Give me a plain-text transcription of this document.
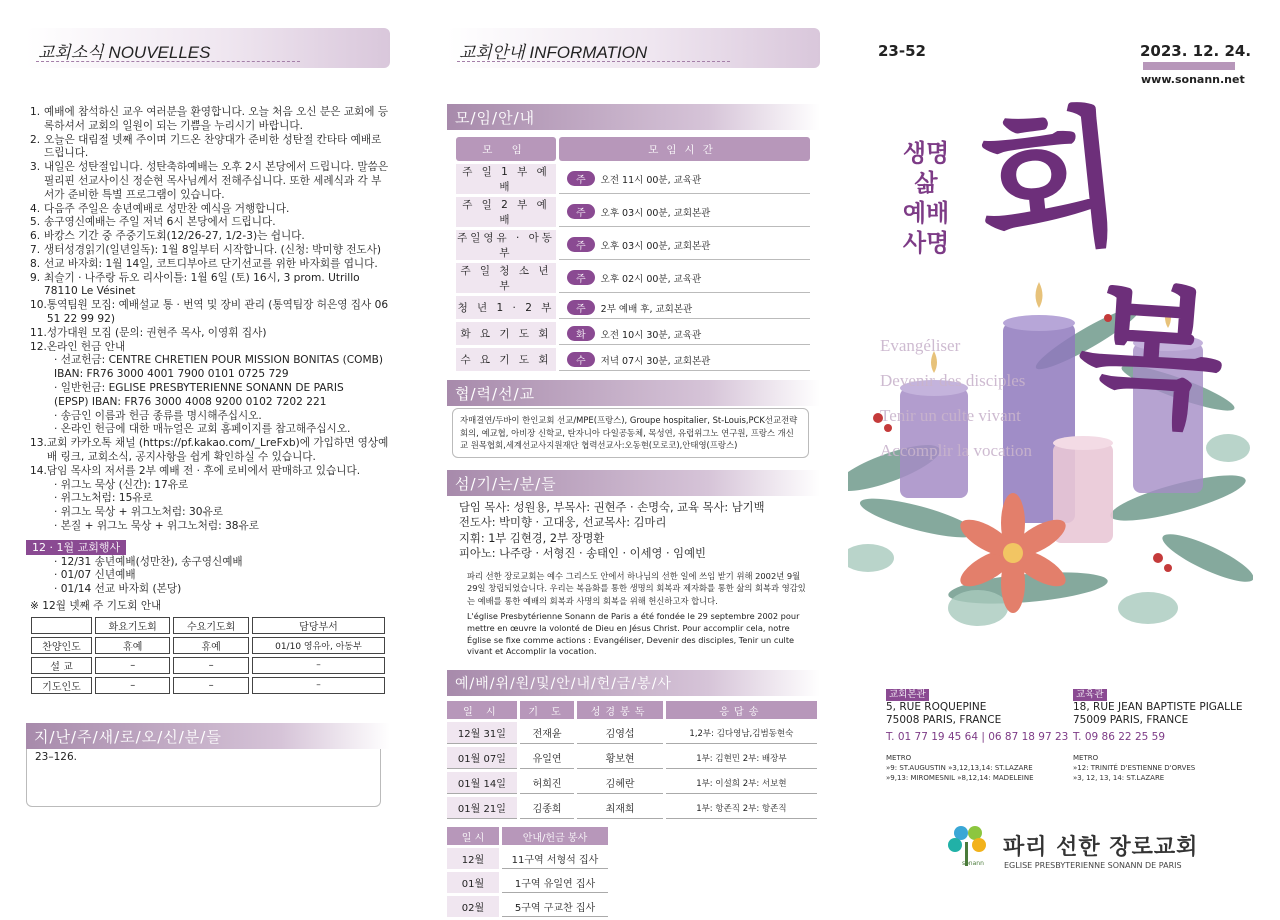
교회소식 NOUVELLES
1. 예배에 참석하신 교우 여러분을 환영합니다. 오늘 처음 오신 분은 교회에 등록하셔서 교회의 일원이 되는 기쁨을 누리시기 바랍니다.
2. 오늘은 대림절 넷째 주이며 기드온 찬양대가 준비한 성탄절 칸타타 예배로 드립니다.
3. 내일은 성탄절입니다. 성탄축하예배는 오후 2시 본당에서 드립니다. 말씀은 필리핀 선교사이신 정순현 목사님께서 전해주십니다. 또한 세례식과 각 부서가 준비한 특별 프로그램이 있습니다.
4. 다음주 주일은 송년예배로 성만찬 예식을 거행합니다.
5. 송구영신예배는 주일 저녁 6시 본당에서 드립니다.
6. 바캉스 기간 중 주중기도회(12/26-27, 1/2-3)는 쉽니다.
7. 생터성경읽기(일년일독): 1월 8일부터 시작합니다. (신청: 박미향 전도사)
8. 선교 바자회: 1월 14일, 코트디부아르 단기선교를 위한 바자회를 엽니다.
9. 최슬기 · 나주랑 듀오 리사이틀: 1월 6일 (토) 16시, 3 prom. Utrillo 78110 Le Vésinet
10. 통역팀원 모집: 예배설교 통 · 번역 및 장비 관리 (통역팀장 허은영 집사 06 51 22 99 92)
11. 성가대원 모집 (문의: 권현주 목사, 이영휘 집사)
12. 온라인 헌금 안내
· 선교헌금: CENTRE CHRETIEN POUR MISSION BONITAS (COMB)
IBAN: FR76 3000 4001 7900 0101 0725 729
· 일반헌금: EGLISE PRESBYTERIENNE SONANN DE PARIS
(EPSP) IBAN: FR76 3000 4008 9200 0102 7202 221
· 송금인 이름과 헌금 종류를 명시해주십시오.
· 온라인 헌금에 대한 매뉴얼은 교회 홈페이지를 참고해주십시오.
13. 교회 카카오톡 채널 (https://pf.kakao.com/_LreFxb)에 가입하면 영상예배 링크, 교회소식, 공지사항을 쉽게 확인하실 수 있습니다.
14. 담임 목사의 저서를 2부 예배 전 · 후에 로비에서 판매하고 있습니다.
· 위그노 묵상 (신간): 17유로
· 위그노처럼: 15유로
· 위그노 묵상 + 위그노처럼: 30유로
· 본질 + 위그노 묵상 + 위그노처럼: 38유로
12 · 1월 교회행사
· 12/31 송년예배(성만찬), 송구영신예배
· 01/07 신년예배
· 01/14 선교 바자회 (본당)
※ 12월 넷째 주 기도회 안내
	화요기도회	수요기도회	담당부서
찬양인도	휴예	휴예	01/10 영유아, 아동부
설 교	–	–	–
기도인도	–	–	–
지/난/주/새/로/오/신/분/들
23–126.
교회안내 INFORMATION
모/임/안/내
모 임	모임시간
주 일 1 부 예 배	주 오전 11시 00분, 교육관
주 일 2 부 예 배	주 오후 03시 00분, 교회본관
주일영유 · 아동부	주 오후 03시 00분, 교회본관
주 일 청 소 년 부	주 오후 02시 00분, 교육관
청 년 1 · 2 부	주 2부 예배 후, 교회본관
화 요 기 도 회	화 오전 10시 30분, 교육관
수 요 기 도 회	수 저녁 07시 30분, 교회본관
협/력/선/교
자매결연/두바이 한인교회 선교/MPE(프랑스), Groupe hospitalier, St-Louis,PCK선교전략회의, 예교협, 아비장 신학교, 탄자니아 다일공동체, 목성연, 유럽위그노 연구원, 프랑스 개신교 원목협회,세계선교사지원재단 협력선교사:오동현(모로코),안태영(프랑스)
섬/기/는/분/들
담임 목사: 성원용, 부목사: 권현주 · 손명숙, 교육 목사: 남기백
전도사: 박미향 · 고대웅, 선교목사: 김마리
지휘: 1부 김현경, 2부 장명환
피아노: 나주랑 · 서형진 · 송태인 · 이세영 · 임예빈
파리 선한 장로교회는 예수 그리스도 안에서 하나님의 선한 일에 쓰임 받기 위해 2002년 9월 29일 창립되었습니다. 우리는 복음화를 통한 생명의 회복과 제자화를 통한 삶의 회복과 영감있는 예배를 통한 예배의 회복과 사명의 회복을 위해 헌신하고자 합니다.
L'église Presbytérienne Sonann de Paris a été fondée le 29 septembre 2002 pour mettre en œuvre la volonté de Dieu en Jésus Christ. Pour accomplir cela, notre Église se fixe comme actions : Evangéliser, Devenir des disciples, Tenir un culte vivant et Accomplir la vocation.
예/배/위/원/및/안/내/헌/금/봉/사
일 시	기 도	성경봉독	응답송
12월 31일	전재윤	김영섭	1,2부: 김다영남,김범동현숙
01월 07일	유일연	황보현	1부: 김현민 2부: 배장부
01월 14일	허희진	김혜란	1부: 이설희 2부: 서보현
01월 21일	김종희	최재희	1부: 항존직 2부: 항존직
일 시	안내/헌금 봉사
12월	11구역 서형석 집사
01월	1구역 유일연 집사
02월	5구역 구교찬 집사
23-52	2023. 12. 24.
www.sonann.net
생명
삶
예배
사명 회
복
Evangéliser
Devenir des disciples
Tenir un culte vivant
Accomplir la vocation
교회본관
5, RUE ROQUEPINE
75008 PARIS, FRANCE
T. 01 77 19 45 64 | 06 87 18 97 23
METRO
»9: ST.AUGUSTIN »3,12,13,14: ST.LAZARE
»9,13: MIROMESNIL »8,12,14: MADELEINE
교육관
18, RUE JEAN BAPTISTE PIGALLE
75009 PARIS, FRANCE
T. 09 86 22 25 59
METRO
»12: TRINITÉ D'ESTIENNE D'ORVES
»3, 12, 13, 14: ST.LAZARE
sonann
파리 선한 장로교회
EGLISE PRESBYTERIENNE SONANN DE PARIS
